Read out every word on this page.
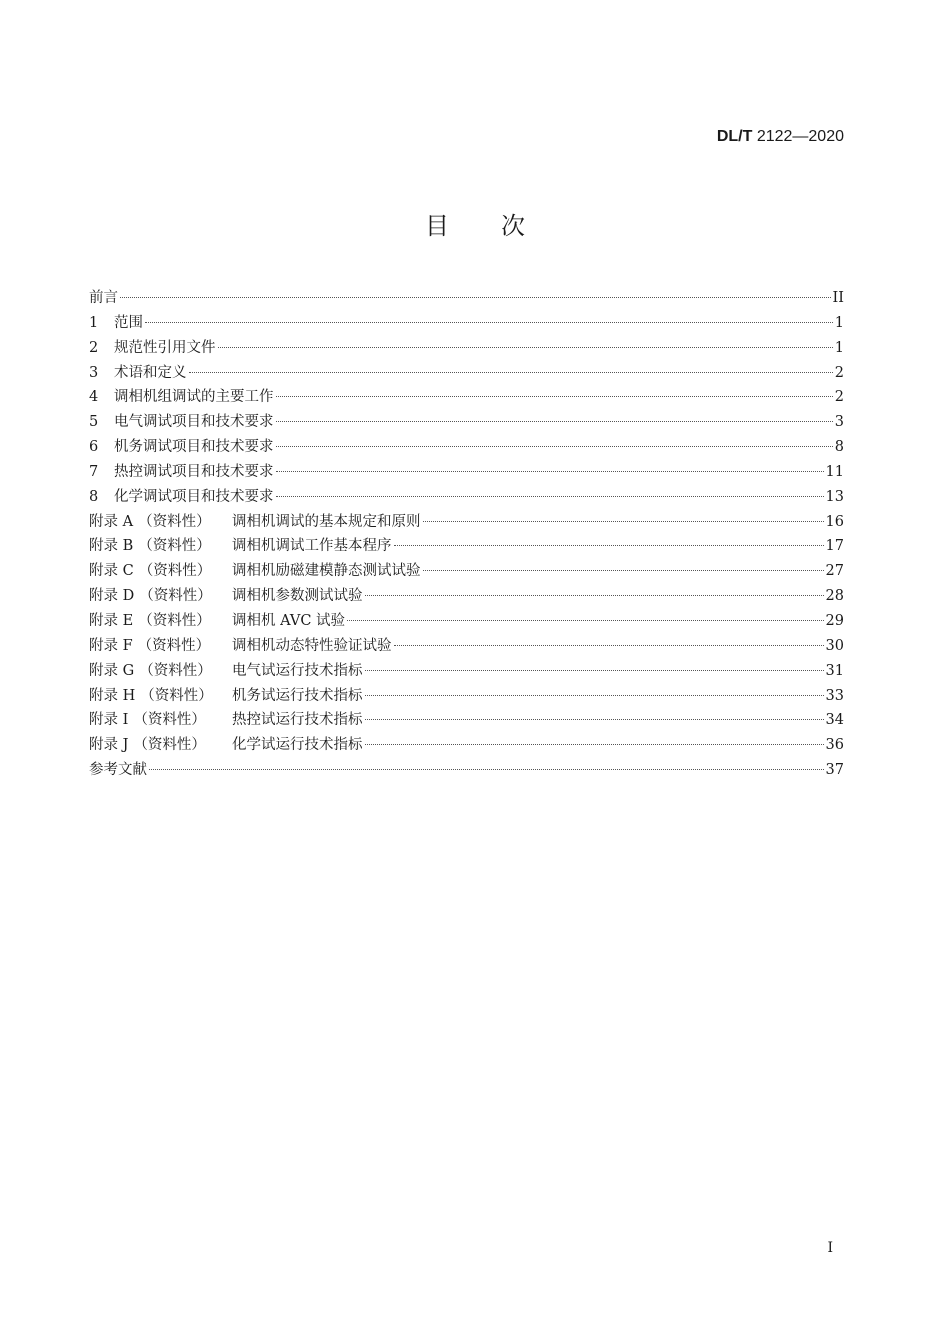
DL/T 2122—2020
目次
前言	II
1	范围	1
2	规范性引用文件	1
3	术语和定义	2
4	调相机组调试的主要工作	2
5	电气调试项目和技术要求	3
6	机务调试项目和技术要求	8
7	热控调试项目和技术要求	11
8	化学调试项目和技术要求	13
附录 A （资料性）	调相机调试的基本规定和原则	16
附录 B （资料性）	调相机调试工作基本程序	17
附录 C （资料性）	调相机励磁建模静态测试试验	27
附录 D （资料性）	调相机参数测试试验	28
附录 E （资料性）	调相机 AVC 试验	29
附录 F （资料性）	调相机动态特性验证试验	30
附录 G （资料性）	电气试运行技术指标	31
附录 H （资料性）	机务试运行技术指标	33
附录 I （资料性）	热控试运行技术指标	34
附录 J （资料性）	化学试运行技术指标	36
参考文献	37
I
